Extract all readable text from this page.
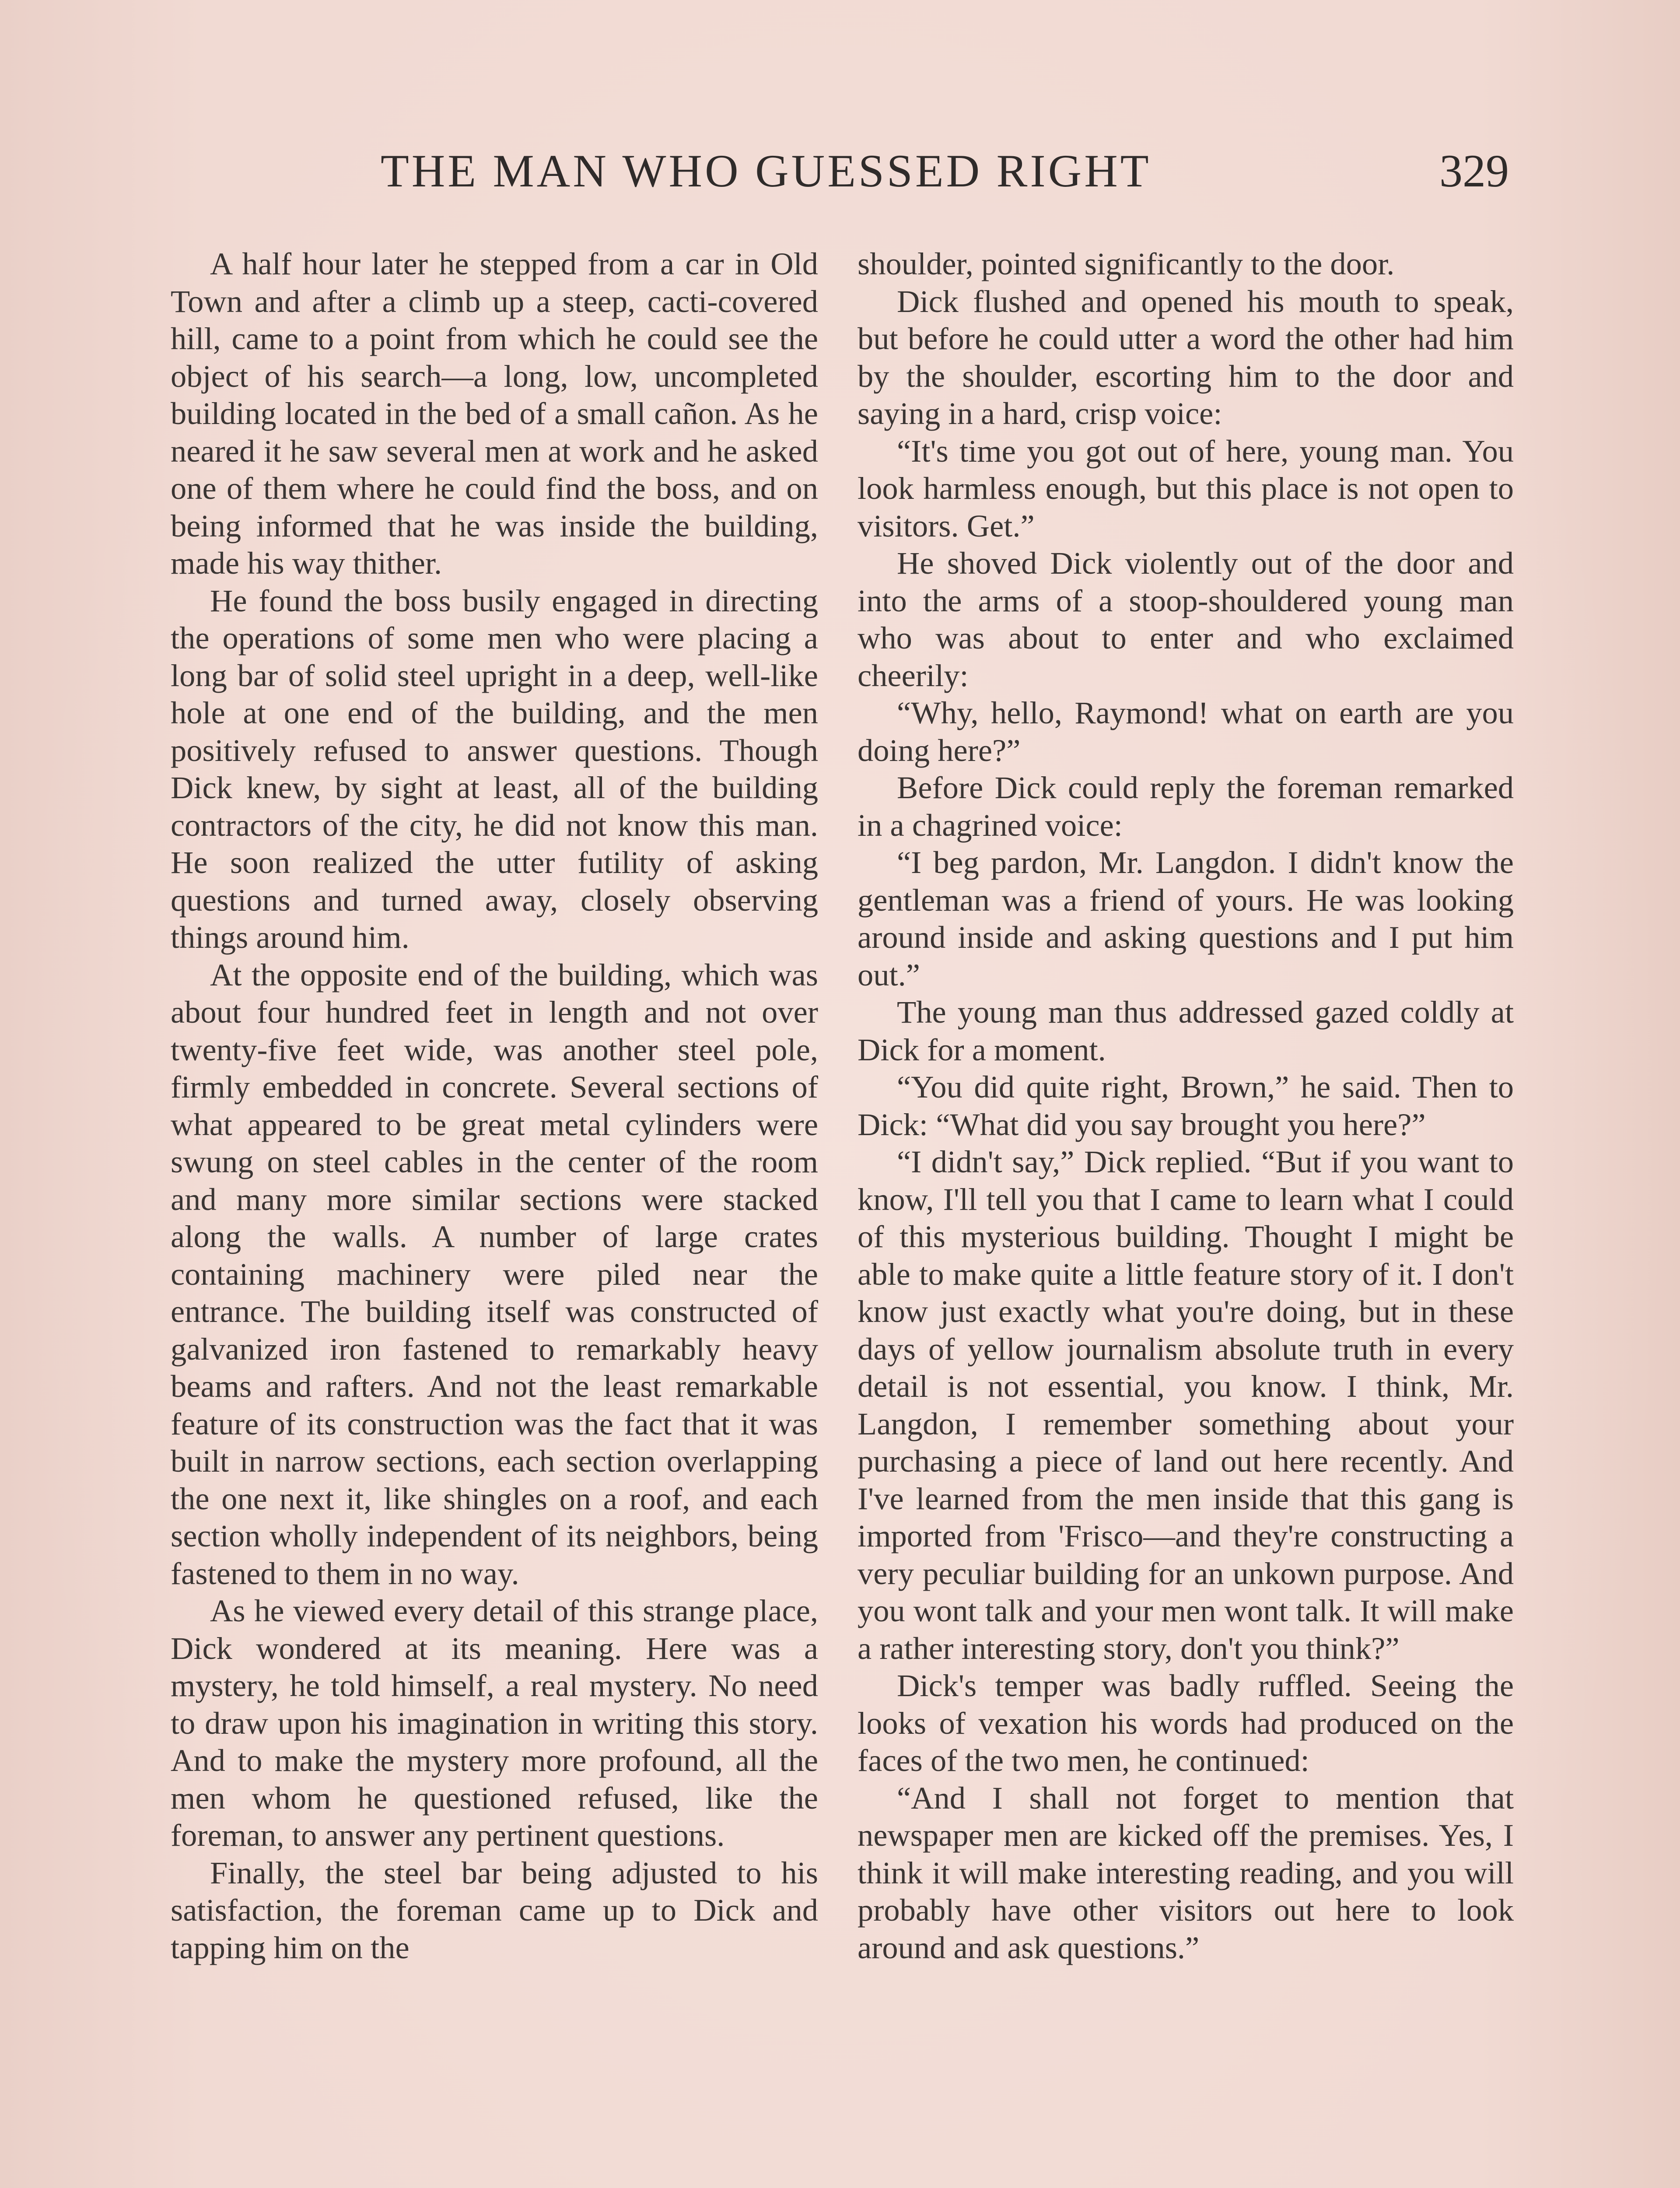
THE MAN WHO GUESSED RIGHT	329

A half hour later he stepped from a car in Old Town and after a climb up a steep, cacti-covered hill, came to a point from which he could see the object of his search—a long, low, uncompleted building located in the bed of a small cañon. As he neared it he saw several men at work and he asked one of them where he could find the boss, and on being informed that he was inside the building, made his way thither.

He found the boss busily engaged in directing the operations of some men who were placing a long bar of solid steel upright in a deep, well-like hole at one end of the building, and the men positively refused to answer questions. Though Dick knew, by sight at least, all of the building contractors of the city, he did not know this man. He soon realized the utter futility of asking questions and turned away, closely observing things around him.

At the opposite end of the building, which was about four hundred feet in length and not over twenty-five feet wide, was another steel pole, firmly embedded in concrete. Several sections of what appeared to be great metal cylinders were swung on steel cables in the center of the room and many more similar sections were stacked along the walls. A number of large crates containing machinery were piled near the entrance. The building itself was constructed of galvanized iron fastened to remarkably heavy beams and rafters. And not the least remarkable feature of its construction was the fact that it was built in narrow sections, each section overlapping the one next it, like shingles on a roof, and each section wholly independent of its neighbors, being fastened to them in no way.

As he viewed every detail of this strange place, Dick wondered at its meaning. Here was a mystery, he told himself, a real mystery. No need to draw upon his imagination in writing this story. And to make the mystery more profound, all the men whom he questioned refused, like the foreman, to answer any pertinent questions.

Finally, the steel bar being adjusted to his satisfaction, the foreman came up to Dick and tapping him on the

shoulder, pointed significantly to the door.

Dick flushed and opened his mouth to speak, but before he could utter a word the other had him by the shoulder, escorting him to the door and saying in a hard, crisp voice:

“It's time you got out of here, young man. You look harmless enough, but this place is not open to visitors. Get.”

He shoved Dick violently out of the door and into the arms of a stoop-shouldered young man who was about to enter and who exclaimed cheerily:

“Why, hello, Raymond! what on earth are you doing here?”

Before Dick could reply the foreman remarked in a chagrined voice:

“I beg pardon, Mr. Langdon. I didn't know the gentleman was a friend of yours. He was looking around inside and asking questions and I put him out.”

The young man thus addressed gazed coldly at Dick for a moment.

“You did quite right, Brown,” he said. Then to Dick: “What did you say brought you here?”

“I didn't say,” Dick replied. “But if you want to know, I'll tell you that I came to learn what I could of this mysterious building. Thought I might be able to make quite a little feature story of it. I don't know just exactly what you're doing, but in these days of yellow journalism absolute truth in every detail is not essential, you know. I think, Mr. Langdon, I remember something about your purchasing a piece of land out here recently. And I've learned from the men inside that this gang is imported from 'Frisco—and they're constructing a very peculiar building for an unkown purpose. And you wont talk and your men wont talk. It will make a rather interesting story, don't you think?”

Dick's temper was badly ruffled. Seeing the looks of vexation his words had produced on the faces of the two men, he continued:

“And I shall not forget to mention that newspaper men are kicked off the premises. Yes, I think it will make interesting reading, and you will probably have other visitors out here to look around and ask questions.”
